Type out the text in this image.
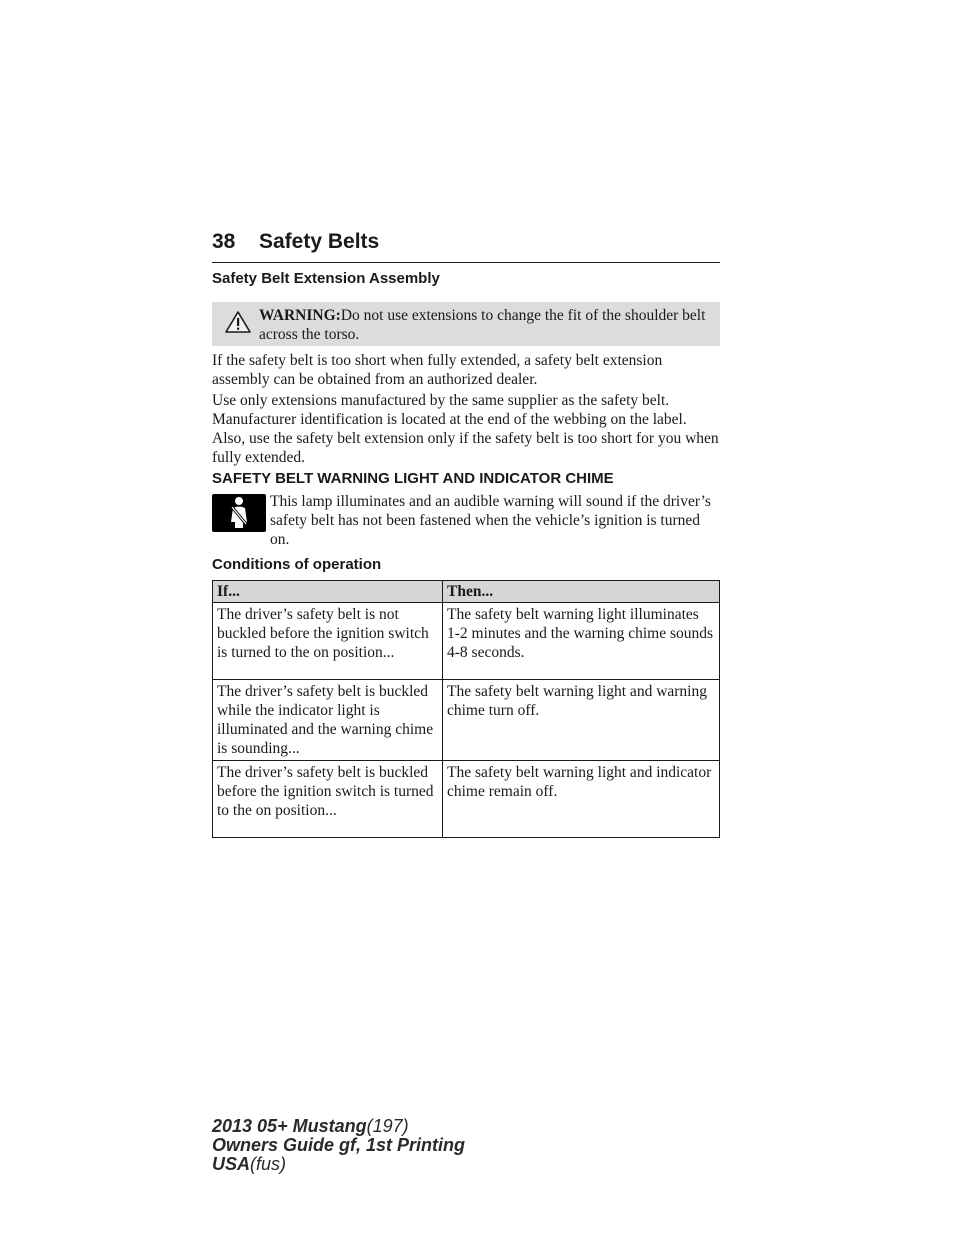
38 Safety Belts
Safety Belt Extension Assembly
WARNING:Do not use extensions to change the fit of the shoulder belt across the torso.

If the safety belt is too short when fully extended, a safety belt extension assembly can be obtained from an authorized dealer.

Use only extensions manufactured by the same supplier as the safety belt. Manufacturer identification is located at the end of the webbing on the label. Also, use the safety belt extension only if the safety belt is too short for you when fully extended.

SAFETY BELT WARNING LIGHT AND INDICATOR CHIME

This lamp illuminates and an audible warning will sound if the driver’s safety belt has not been fastened when the vehicle’s ignition is turned on.

Conditions of operation
If...	Then...
The driver’s safety belt is not buckled before the ignition switch is turned to the on position...	The safety belt warning light illuminates 1-2 minutes and the warning chime sounds 4-8 seconds.
The driver’s safety belt is buckled while the indicator light is illuminated and the warning chime is sounding...	The safety belt warning light and warning chime turn off.
The driver’s safety belt is buckled before the ignition switch is turned to the on position...	The safety belt warning light and indicator chime remain off.
2013 05+ Mustang(197)
Owners Guide gf, 1st Printing
USA(fus)
